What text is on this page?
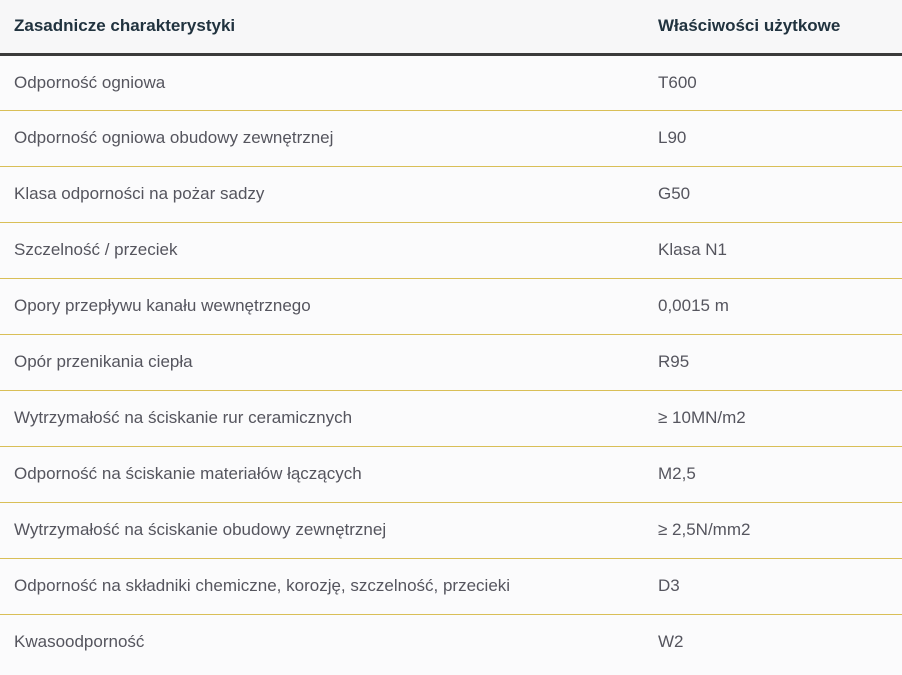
Zasadnicze charakterystyki	Właściwości użytkowe
Odporność ogniowa	T600
Odporność ogniowa obudowy zewnętrznej	L90
Klasa odporności na pożar sadzy	G50
Szczelność / przeciek	Klasa N1
Opory przepływu kanału wewnętrznego	0,0015 m
Opór przenikania ciepła	R95
Wytrzymałość na ściskanie rur ceramicznych	≥ 10MN/m2
Odporność na ściskanie materiałów łączących	M2,5
Wytrzymałość na ściskanie obudowy zewnętrznej	≥ 2,5N/mm2
Odporność na składniki chemiczne, korozję, szczelność, przecieki	D3
Kwasoodporność	W2
